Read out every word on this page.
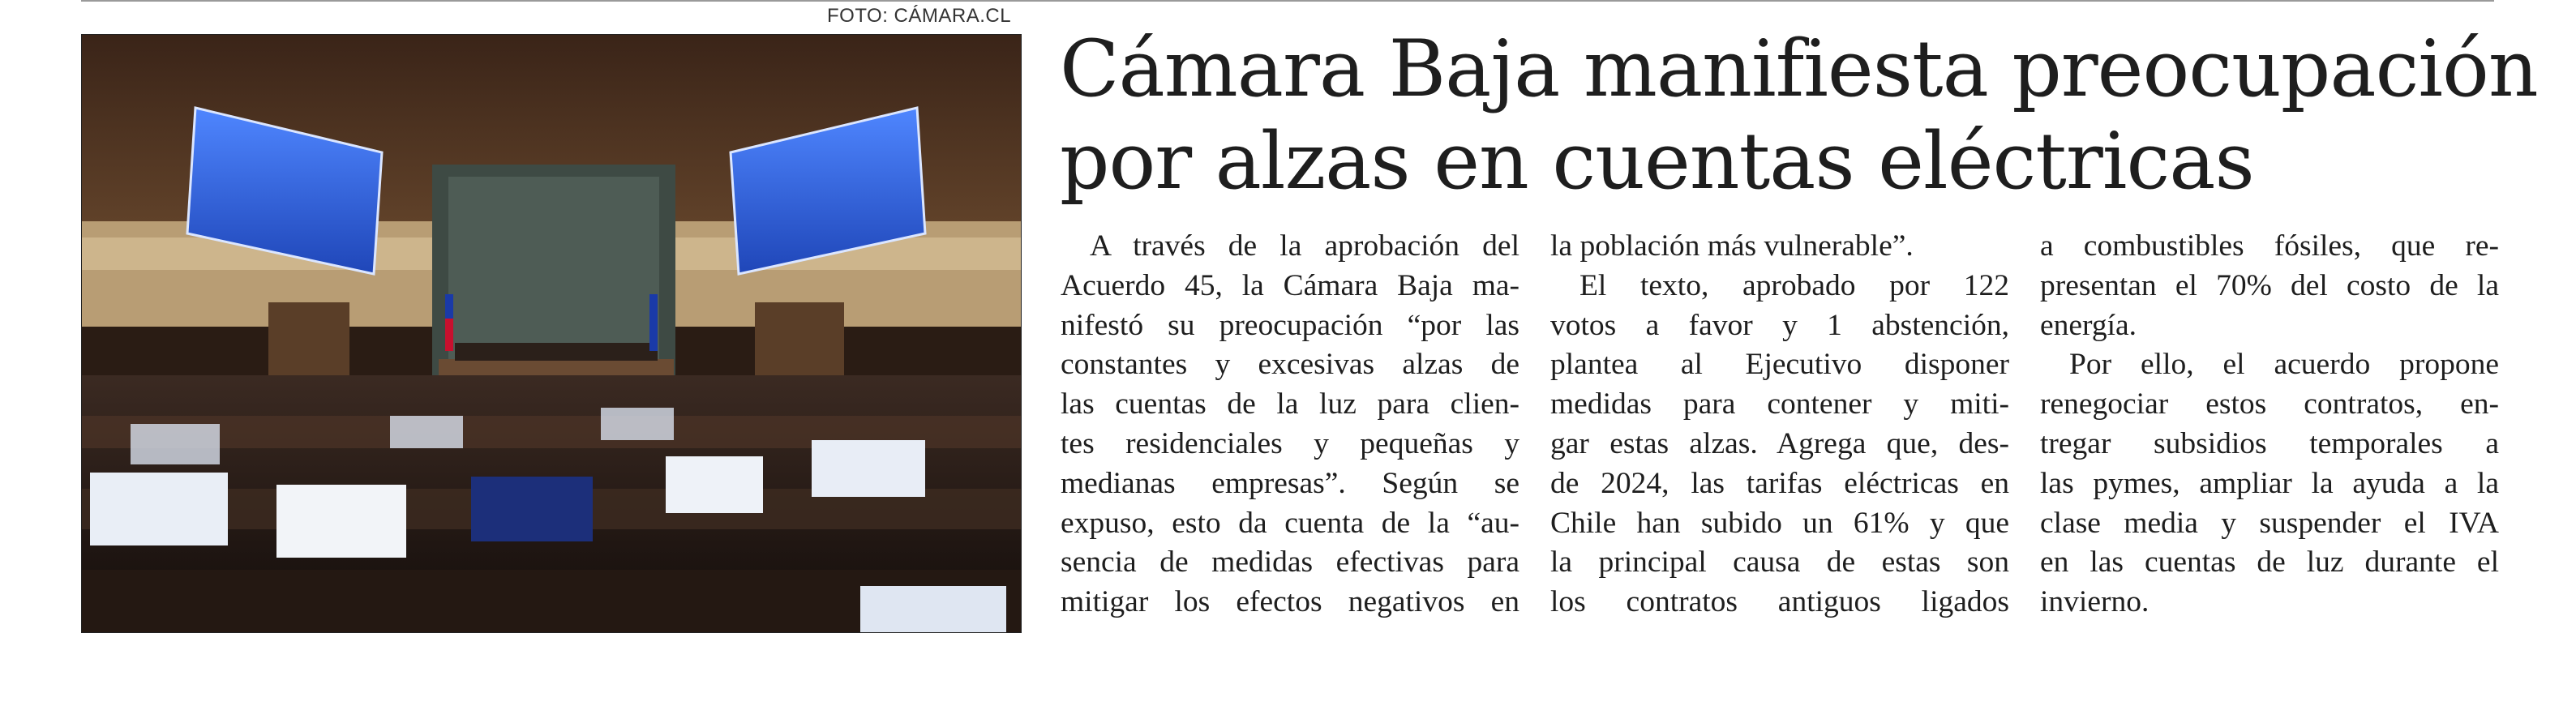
FOTO: CÁMARA.CL
Cámara Baja manifiesta preocupación
por alzas en cuentas eléctricas
A través de la aprobación del
Acuerdo 45, la Cámara Baja ma-
nifestó su preocupación “por las
constantes y excesivas alzas de
las cuentas de la luz para clien-
tes residenciales y pequeñas y
medianas empresas”. Según se
expuso, esto da cuenta de la “au-
sencia de medidas efectivas para
mitigar los efectos negativos en
la población más vulnerable”.
El texto, aprobado por 122
votos a favor y 1 abstención,
plantea al Ejecutivo disponer
medidas para contener y miti-
gar estas alzas. Agrega que, des-
de 2024, las tarifas eléctricas en
Chile han subido un 61% y que
la principal causa de estas son
los contratos antiguos ligados
a combustibles fósiles, que re-
presentan el 70% del costo de la
energía.
Por ello, el acuerdo propone
renegociar estos contratos, en-
tregar subsidios temporales a
las pymes, ampliar la ayuda a la
clase media y suspender el IVA
en las cuentas de luz durante el
invierno.
